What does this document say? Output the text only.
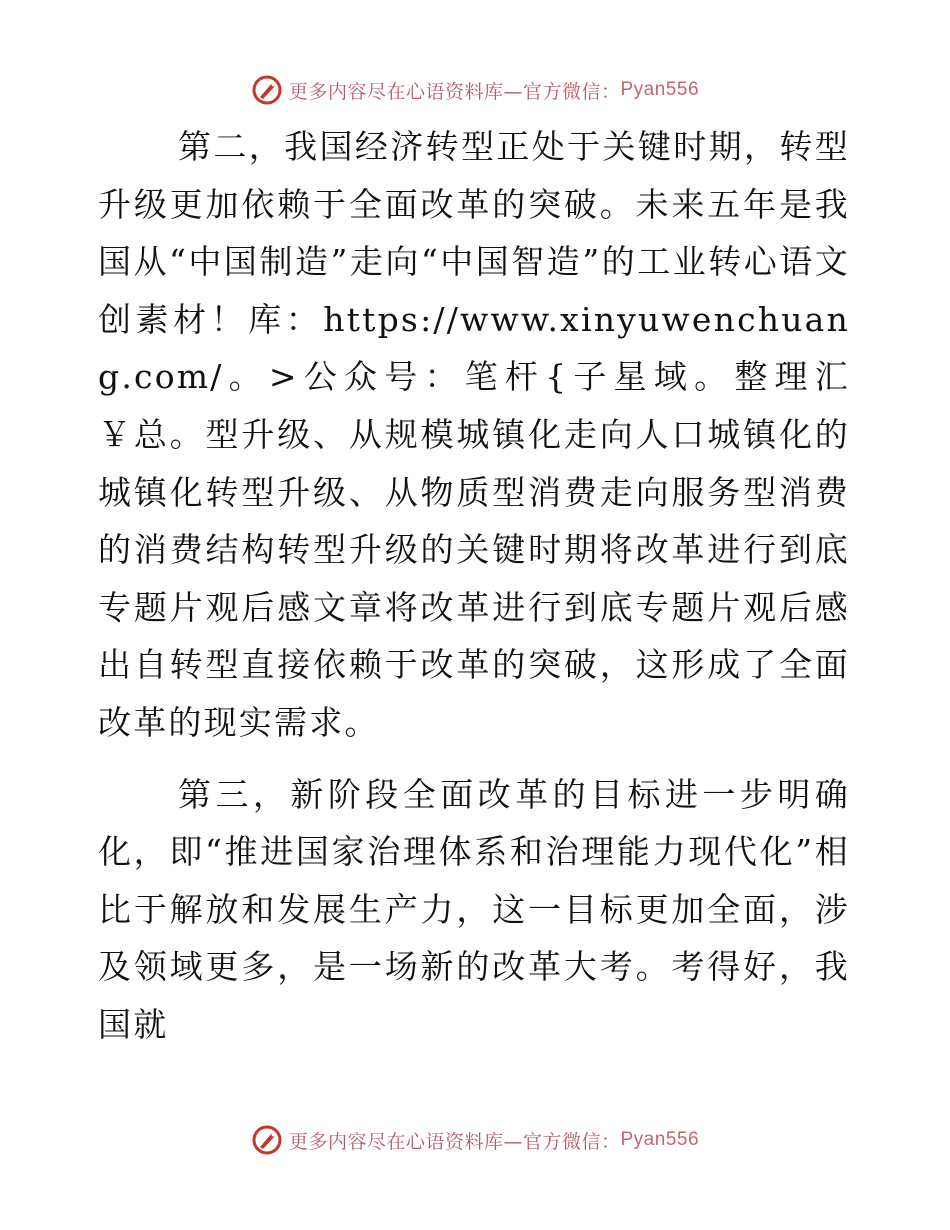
更多内容尽在心语资料库—官方微信： Pyan556

第二，我国经济转型正处于关键时期，转型升级更加依赖于全面改革的突破。未来五年是我国从“中国制造”走向“中国智造”的工业转心语文创素材！库：https://www.xinyuwenchuang.com/。>公众号：笔杆{子星域。整理汇￥总。型升级、从规模城镇化走向人口城镇化的城镇化转型升级、从物质型消费走向服务型消费的消费结构转型升级的关键时期将改革进行到底专题片观后感文章将改革进行到底专题片观后感出自转型直接依赖于改革的突破，这形成了全面改革的现实需求。

第三，新阶段全面改革的目标进一步明确化，即“推进国家治理体系和治理能力现代化”相比于解放和发展生产力，这一目标更加全面，涉及领域更多，是一场新的改革大考。考得好，我国就

更多内容尽在心语资料库—官方微信： Pyan556
